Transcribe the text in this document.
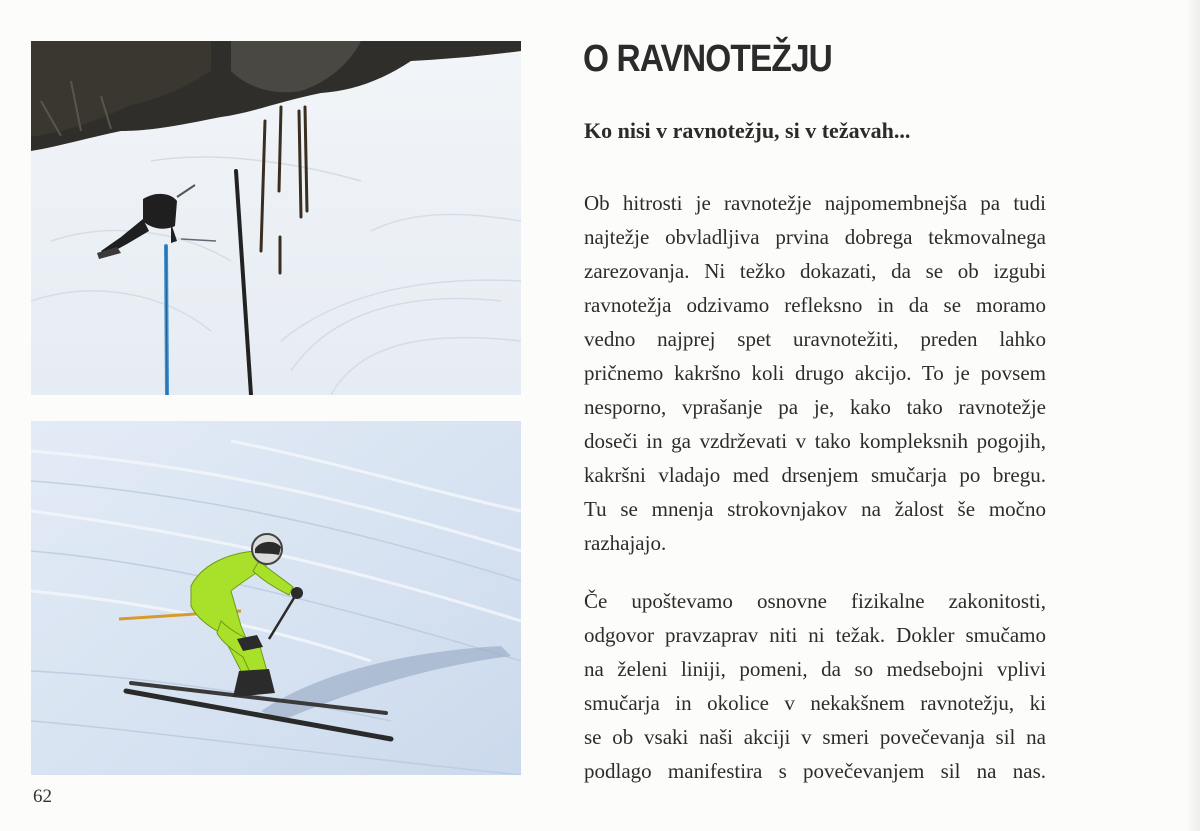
O RAVNOTEŽJU
Ko nisi v ravnotežju, si v težavah...
Ob hitrosti je ravnotežje najpomembnejša pa tudi
najtežje obvladljiva prvina dobrega tekmovalnega
zarezovanja. Ni težko dokazati, da se ob izgubi
ravnotežja odzivamo refleksno in da se moramo
vedno najprej spet uravnotežiti, preden lahko
pričnemo kakršno koli drugo akcijo. To je povsem
nesporno, vprašanje pa je, kako tako ravnotežje
doseči in ga vzdrževati v tako kompleksnih pogojih,
kakršni vladajo med drsenjem smučarja po bregu.
Tu se mnenja strokovnjakov na žalost še močno
razhajajo.
Če upoštevamo osnovne fizikalne zakonitosti,
odgovor pravzaprav niti ni težak. Dokler smučamo
na želeni liniji, pomeni, da so medsebojni vplivi
smučarja in okolice v nekakšnem ravnotežju, ki
se ob vsaki naši akciji v smeri povečevanja sil na
podlago manifestira s povečevanjem sil na nas.
62
